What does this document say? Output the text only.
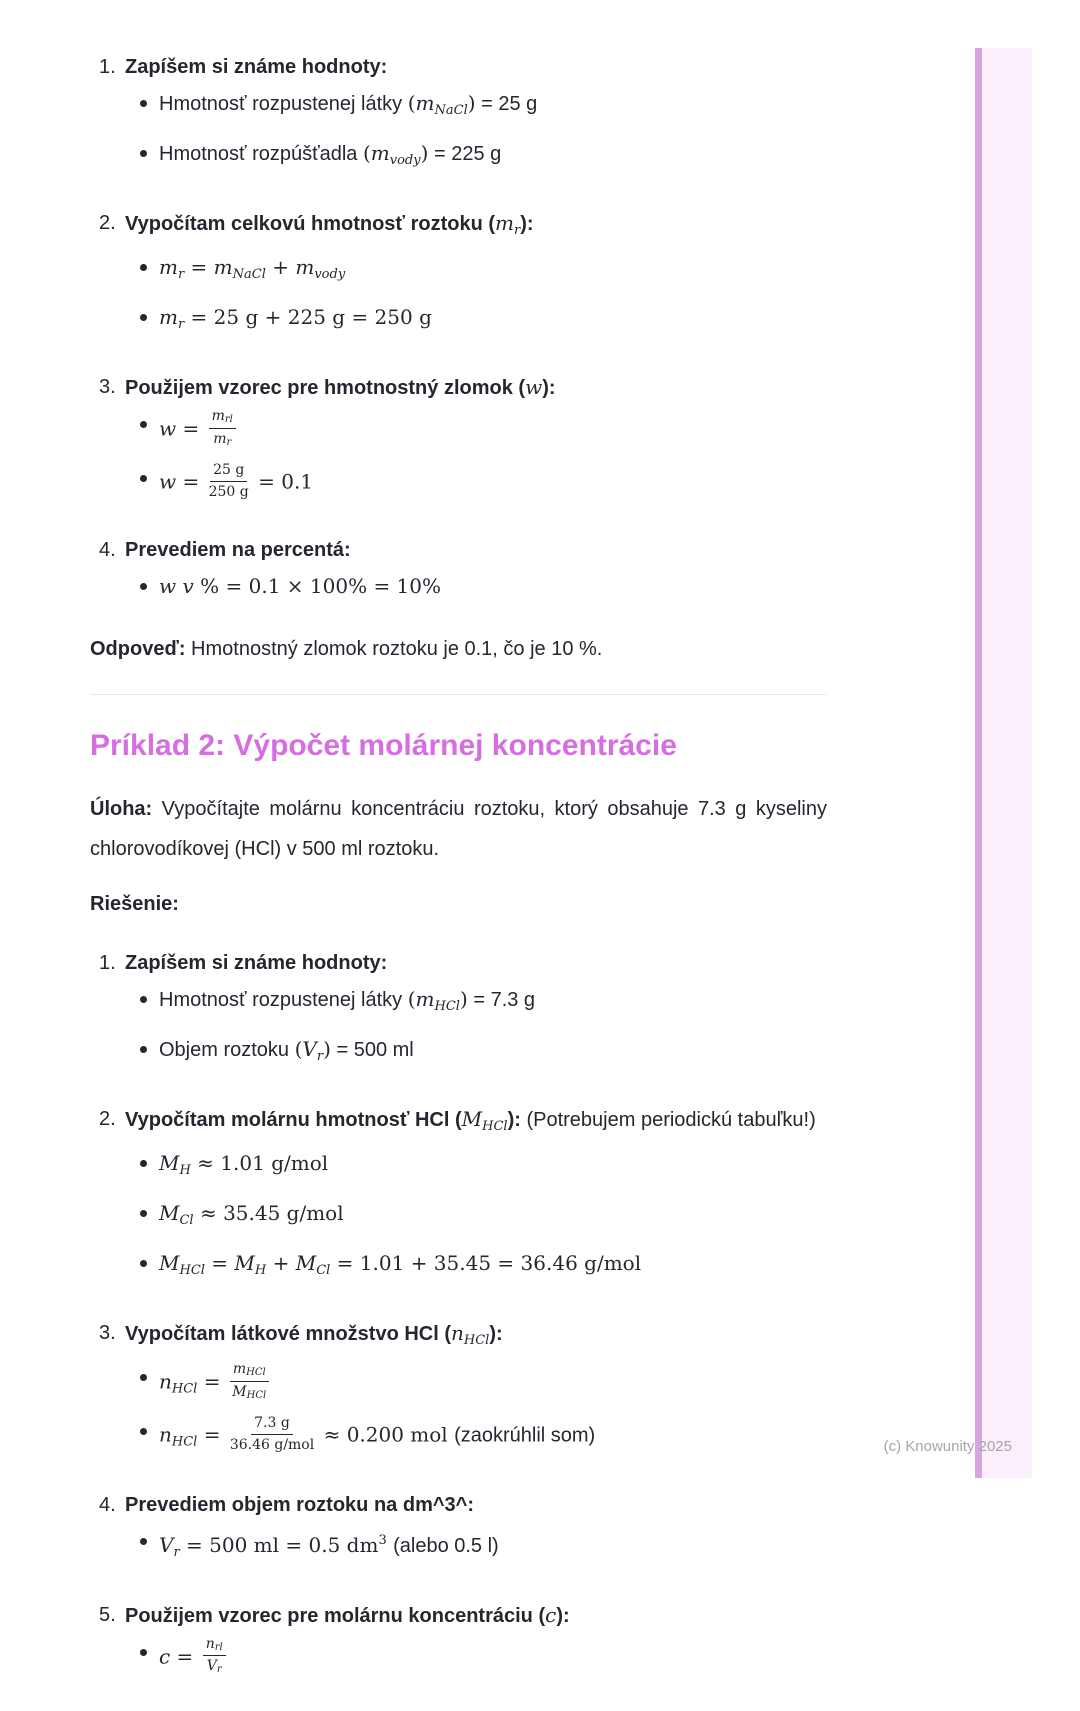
1. Zapíšem si známe hodnoty:
Hmotnosť rozpustenej látky $(m_{NaCl}) = 25$ g
Hmotnosť rozpúšťadla $(m_{vody}) = 225$ g
2. Vypočítam celkovú hmotnosť roztoku $(m_r)$:
$m_r = m_{NaCl} + m_{vody}$
$m_r = 25$ g + 225 g = 250 g
3. Použijem vzorec pre hmotnostný zlomok (w):
$w = \frac{\text{mrl}}{mr}$
$w = \frac{25 g}{250 g} = 0.1$
4. Prevediem na percentá:
w v % = 0.1 × 100% = 10%

Odpoveď: Hmotnostný zlomok roztoku je 0.1, čo je 10 %.

Príklad 2: Výpočet molárnej koncentrácie

Úloha: Vypočítajte molárnu koncentráciu roztoku, ktorý obsahuje 7.3 g kyseliny chlorovodíkovej (HCl) v 500 ml roztoku.

Riešenie:
1. Zapíšem si známe hodnoty:
Hmotnosť rozpustenej látky $(m_{HCl}) = 7.3$ g
Objem roztoku $(V_r) = 500$ ml
2. Vypočítam molárnu hmotnosť HCl $(M_{HCl})$: (Potrebujem periodickú tabuľku!)
$M_H \approx 1.01$ g/mol
$M_{Cl} \approx 35.45$ g/mol
$M_{HCl} = M_H + M_{Cl} = 1.01 + 35.45 = 36.46$ g/mol
3. Vypočítam látkové množstvo HCl $(n_{HCl})$:
$n_{HCl} = \frac{\text{mHCl}}{\text{MHCl}}$
$n_{HCl} = \frac{7.3 g}{\text{36.46 g/mol}} \approx 0.200$ mol (zaokrúhlil som)
4. Prevediem objem roztoku na dm^3^:
$V_r = 500$ ml = 0.5 $dm^3$ (alebo 0.5 l)
5. Použijem vzorec pre molárnu koncentráciu (c):
$c = \frac{\text{nrl}}{Vr}$
(c) Knowunity 2025
